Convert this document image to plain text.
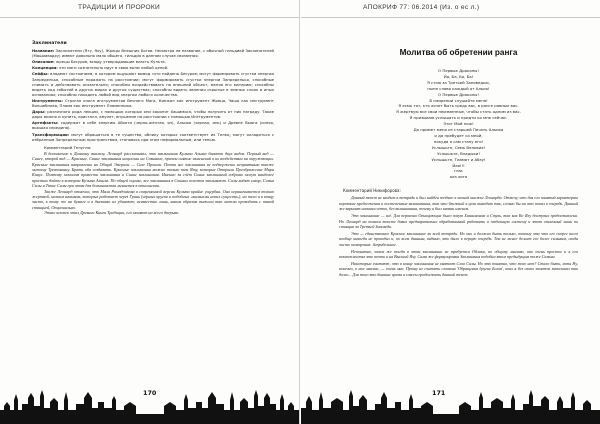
ТРАДИЦИИ И ПРОРОКИ
Заклинатели

Название: Заклинатели (Яту, Яху), Жрецы Внешних Богов. Несмотря на название, с обычной гильдией Заклинателей (Машиавадху) имеют довольно мало общего, гильдия в данном случае связанная.

Описание: жрецы Бесуров, всюду утверждающие власть Культа.

Концепция: эти маги сознательно идут в свою волю любой ценой.

Сейфы: владеют состоянием, в котором ощущают вывод «это найдено Бесуров; могут формировать сгустки энергии Запредельья, способные поражать на расстоянии; могут формировать сгустки энергии Запредельья, способные снимать и действовать осязательно; способны воздействовать на внешний объект, меняя его материю; способны видеть ход событий в других мирах и других существах; способны видеть явления скрытые в земных слоях и иных основаниях; способны находить любой вид энергии любого количества.

Инструменты: Строгая книга инструментов Вечного Мага, Кинжал как инструмент Жреца, Чаша как инструмент Волшебника, Пламя как инструмент Пламенника.

Дары: различного рода лекции, с помощью которых они хоронят Хашимоса, чтобы получить от них награду. Такие дары можно и купить, кристалл, амулет, внушение на расстоянии с помощью Инструментов.

Артефакты: содержат в себе энергию Абхоти (черно-жёлтая, ян), Альиха (черная, инь) и Древне Вьюга (синяя, вьюшая середина).

Трансформации: могут обращаться в те существа, облику которых соответствует их Телец; могут охладиться с избранным Запредельным пространством, становясь при этом неформальным, или тенью.

Комментарий Телугли:

В дополнение к Данному анализу, Леонард рассказывал, что заклинания Культа Альиха бывают двух видов. Первый вид — Синее, второй вид — Красные. Синие заклинания нацелены на Сознание, причем снятие изменений в их воздействии на окружающих. Красные заклинания направлены на Общий Эмерион — Силе Прошли. Почти все заклинания не подвержены неприятным также мелкому Тревомниму. Брать оба создавать. Красные заклинания можно только тем Яту, которые Открыли Преображение Мира Канус. Поэтому мачалом привести заклинания и Синие заклинания. Именно за счёт Синих заклинаний собрано могут наиболее простых дойти в котором Культа Альиха. По общей оценке, все заклинания в Сонных полетов заплывают. Силы видят сахар, Семья Силы и Такие Силы при этом для большинства меняется в отношении.

Также Леонард отмечал, что Мала Рамадчикова в современной версии Культа крайне ущербна. Она ограничивается только жертвой, мелким навыком, которых работает через Грань (чёрных кругов и подобных «вымыслы неких существ»), но тело и к концу часто, к тому же на бумаге и в дневнике их убивают; неизвестно лишь, каким образом выжили так можно проводить с такой станцией, Опционально.

Этим человек чтил Древние Книги Традиции, его меняют на всего дверьми.

170
АПОКРИФ 77: 06.2014 (Из. о ес л.)
Молитва об обретении ранга
О Первые Драконы!
Йа, Ба, Ба, Ба!
Я стою за Третьей Заповедью,
ныне славя каждый от Альих!
О Первые Драконы!
В смирении слушайте меня!
Я есмь тот, кто хочет быть средь вас, в ранге равных вас.
Я жертвую все свои неизменные, чтобы стать одним из вас.
Я призываю услышать и придти ко мне сейчас.
Этот Мой нож!
Да примет меня из старшей Печать Альиха
и да пребудет со мной,
покуда я сам стану его!
Услышьте, Семь Великих!
Услышьте, Владыки!
Услышьте, Тиамат и Абзу!
Йаа!!!
глас
оха хота
Комментарий Никифорова:

Данный текст не входит в тетрадь и был найден позднее в личной книжке Леонарда. Отмечу, что для его занятий характерны короткие предложения и постепенные вклинивания, так что ближний к цели выводит так, словно бы на это попал в очередь. Данный же вариант написан четко, без вклинивания, почему и был назван именем.

Это заклинание — всё. Для первично Опиацающих было зовут Хашимоном и Стуль, так как Ко Яху доступно предоставлена. Но Леонард на полном тексте давал предварительно обработанный работать в отдельную систему и этот отличный лишь по станции за Третьей Заповеди.

Это — единственное Красное заклинание во всей тетради. Но оно и должно быть только, потому что что его скорее всего вообще никогда не проводил и, по всем данным, видимо, это было в первую очередь. Тем не менее делает его более сильным, сводя чисто оговорения: Запредельное.

Непонятно, зачем же тогда в этом заклинании не требуется Облаки, по общему мнению, оно очень простое и в его возможностях это почти и на Высший Яху. Сама же формулировка Заклинания подобна этим предыдущим тоже Самым.

Никоторые считают, что в конце заклинания не хватает Слов Силы. Но это понятно, что того нет? Стало быть, хотя Ну, конечно, в мое мнение, — очень мне. Прошу не считать словами 'Обращения других Богов', коих я без своих заметок записывал так долго... Для того это бывшие время я совсем продолжить данный текст.

171
